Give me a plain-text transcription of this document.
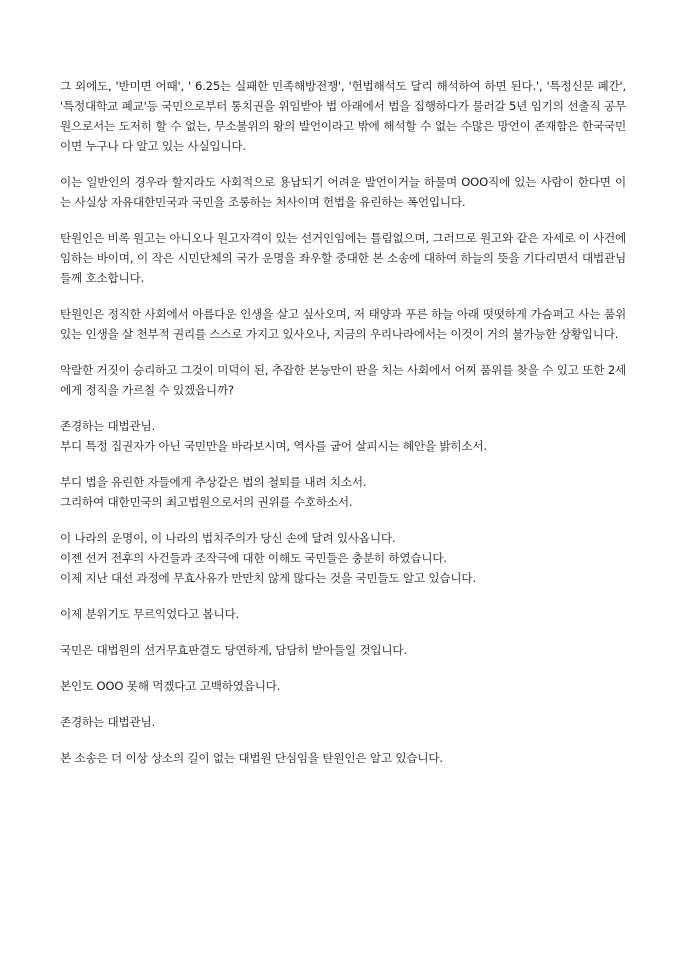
그 외에도, '반미면 어때', ' 6.25는 실패한 민족해방전쟁', '헌법해석도 달리 해석하여 하면 된다.', '특정신문 폐간', '특정대학교 폐교'등 국민으로부터 통치권을 위임받아 법 아래에서 법을 집행하다가 물러갈 5년 임기의 선출직 공무원으로서는 도저히 할 수 없는, 무소불위의 왕의 발언이라고 밖에 해석할 수 없는 수많은 망언이 존재함은 한국국민이면 누구나 다 알고 있는 사실입니다.

이는 일반인의 경우라 할지라도 사회적으로 용납되기 어려운 발언이거늘 하물며 OOO직에 있는 사람이 한다면 이는 사실상 자유대한민국과 국민을 조롱하는 처사이며 헌법을 유린하는 폭언입니다.

탄원인은 비록 원고는 아니오나 원고자격이 있는 선거인임에는 틀림없으며, 그러므로 원고와 같은 자세로 이 사건에 임하는 바이며, 이 작은 시민단체의 국가 운명을 좌우할 중대한 본 소송에 대하여 하늘의 뜻을 기다리면서 대법관님들께 호소합니다.

탄원인은 정직한 사회에서 아름다운 인생을 살고 싶사오며, 저 태양과 푸른 하늘 아래 떳떳하게 가슴펴고 사는 품위있는 인생을 살 천부적 권리를 스스로 가지고 있사오나, 지금의 우리나라에서는 이것이 거의 불가능한 상황입니다.

악랄한 거짓이 승리하고 그것이 미덕이 된, 추잡한 본능만이 판을 치는 사회에서 어찌 품위를 찾을 수 있고 또한 2세에게 정직을 가르칠 수 있겠읍니까?

존경하는 대법관님.
부디 특정 집권자가 아닌 국민만을 바라보시며, 역사를 굽어 살피시는 혜안을 밝히소서.

부디 법을 유린한 자들에게 추상같은 법의 철퇴를 내려 치소서.
그리하여 대한민국의 최고법원으로서의 권위를 수호하소서.

이 나라의 운명이, 이 나라의 법치주의가 당신 손에 달려 있사옵니다.
이젠 선거 전후의 사건들과 조작극에 대한 이해도 국민들은 충분히 하였습니다.
이제 지난 대선 과정에 무효사유가 만만치 않게 많다는 것을 국민들도 알고 있습니다.

이제 분위기도 무르익었다고 봅니다.

국민은 대법원의 선거무효판결도 당연하게, 담담히 받아들일 것입니다.

본인도 OOO 못해 먹겠다고 고백하였읍니다.

존경하는 대법관님.

본 소송은 더 이상 상소의 길이 없는 대법원 단심임을 탄원인은 알고 있습니다.
